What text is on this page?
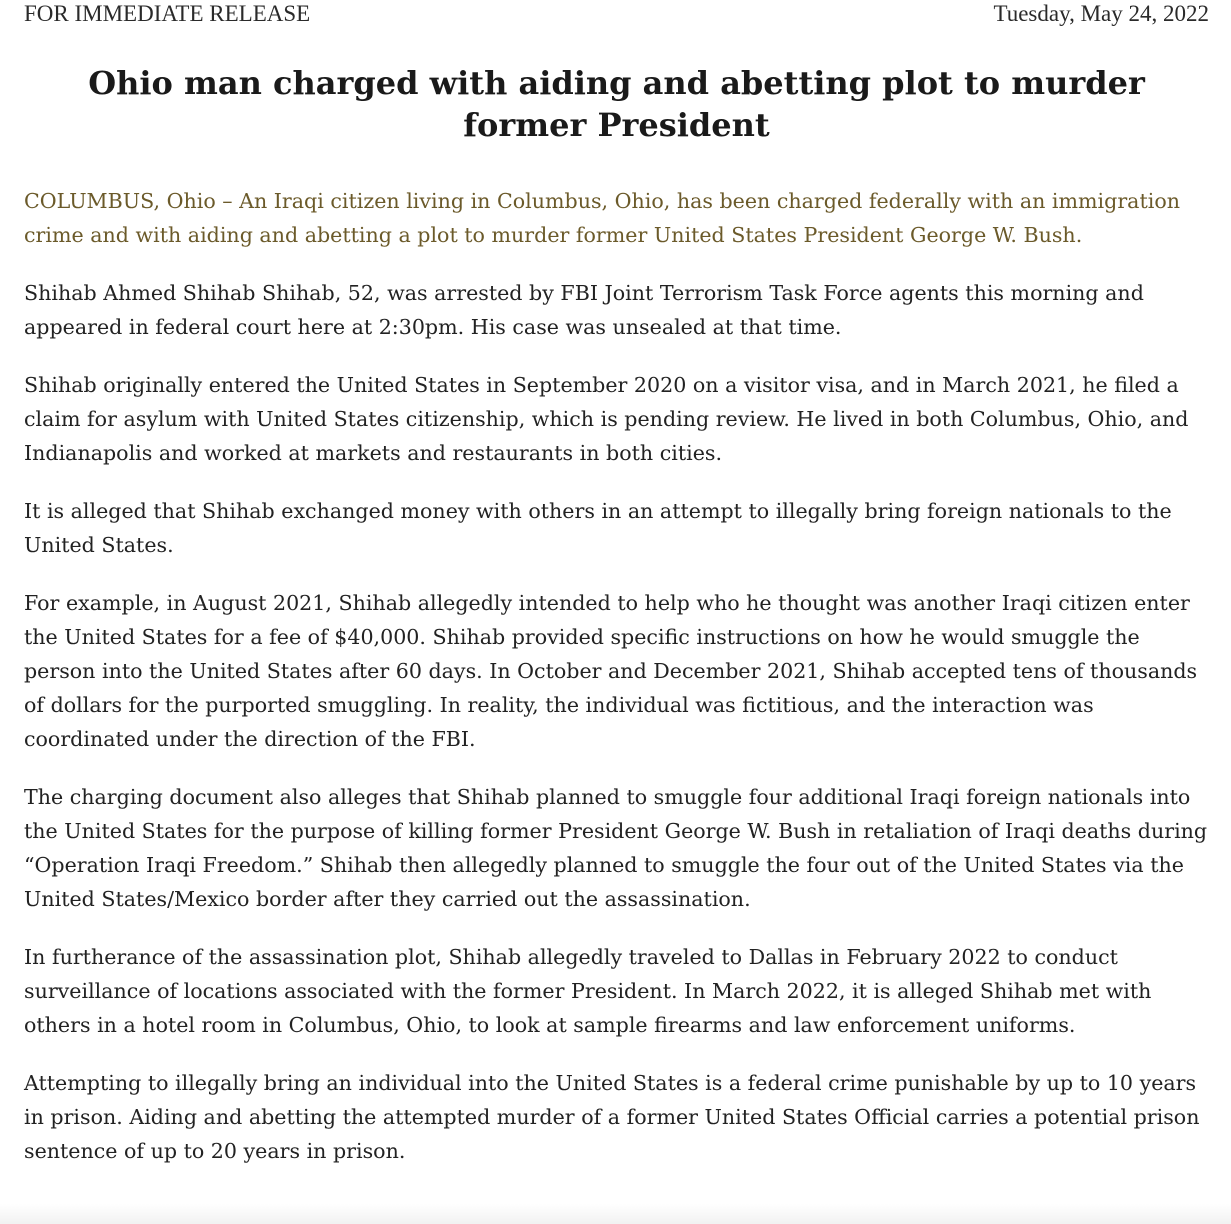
FOR IMMEDIATE RELEASE	Tuesday, May 24, 2022
Ohio man charged with aiding and abetting plot to murder former President

COLUMBUS, Ohio – An Iraqi citizen living in Columbus, Ohio, has been charged federally with an immigration crime and with aiding and abetting a plot to murder former United States President George W. Bush.

Shihab Ahmed Shihab Shihab, 52, was arrested by FBI Joint Terrorism Task Force agents this morning and appeared in federal court here at 2:30pm. His case was unsealed at that time.

Shihab originally entered the United States in September 2020 on a visitor visa, and in March 2021, he filed a claim for asylum with United States citizenship, which is pending review. He lived in both Columbus, Ohio, and Indianapolis and worked at markets and restaurants in both cities.

It is alleged that Shihab exchanged money with others in an attempt to illegally bring foreign nationals to the United States.

For example, in August 2021, Shihab allegedly intended to help who he thought was another Iraqi citizen enter the United States for a fee of $40,000. Shihab provided specific instructions on how he would smuggle the person into the United States after 60 days. In October and December 2021, Shihab accepted tens of thousands of dollars for the purported smuggling. In reality, the individual was fictitious, and the interaction was coordinated under the direction of the FBI.

The charging document also alleges that Shihab planned to smuggle four additional Iraqi foreign nationals into the United States for the purpose of killing former President George W. Bush in retaliation of Iraqi deaths during “Operation Iraqi Freedom.” Shihab then allegedly planned to smuggle the four out of the United States via the United States/Mexico border after they carried out the assassination.

In furtherance of the assassination plot, Shihab allegedly traveled to Dallas in February 2022 to conduct surveillance of locations associated with the former President. In March 2022, it is alleged Shihab met with others in a hotel room in Columbus, Ohio, to look at sample firearms and law enforcement uniforms.

Attempting to illegally bring an individual into the United States is a federal crime punishable by up to 10 years in prison. Aiding and abetting the attempted murder of a former United States Official carries a potential prison sentence of up to 20 years in prison.
